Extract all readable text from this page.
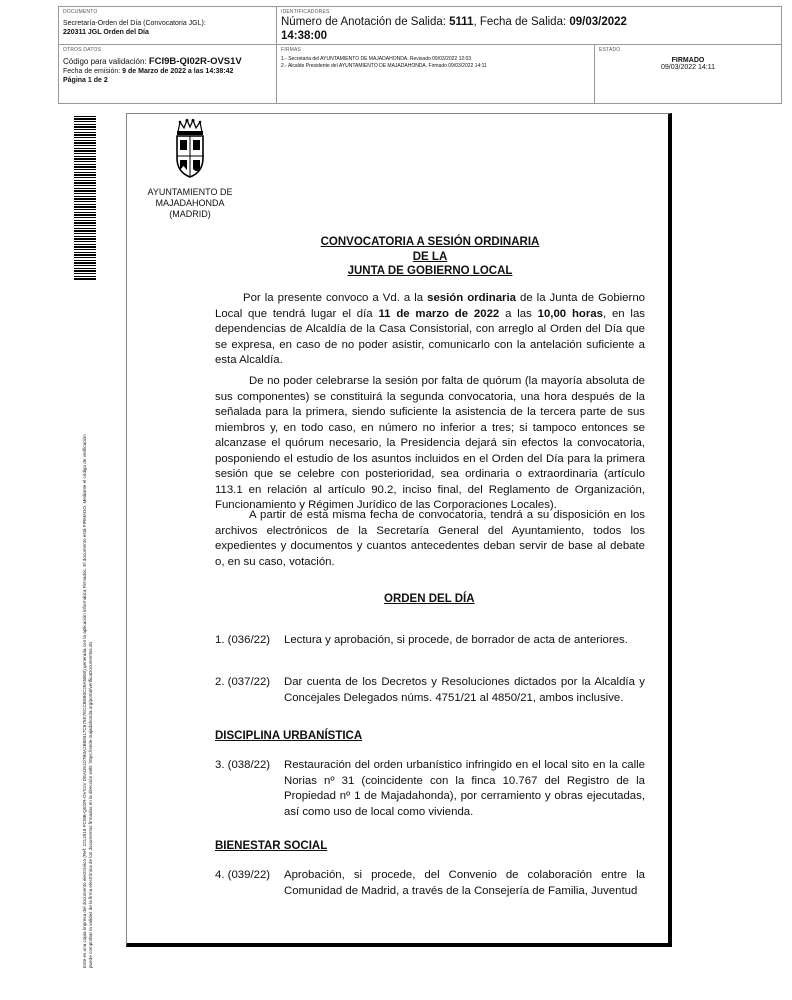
DOCUMENTO
Secretaría-Orden del Día (Convocatoria JGL):
220311 JGL Orden del Día
IDENTIFICADORES
Número de Anotación de Salida: 5111, Fecha de Salida: 09/03/2022
14:38:00
OTROS DATOS
Código para validación: FCI9B-QI02R-OVS1V
Fecha de emisión: 9 de Marzo de 2022 a las 14:38:42
Página 1 de 2
FIRMAS
1.- Secretaria del AYUNTAMIENTO DE MAJADAHONDA. Revisado 09/03/2022 12:03
2.- Alcalde Presidente del AYUNTAMIENTO DE MAJADAHONDA. Firmado 09/03/2022 14:11
ESTADO
FIRMADO
09/03/2022 14:11
Este es una copia impresa del documento electrónico (Ref: 2212918 FCI9B-QI02R-OVS1V DEAD51D7B0A2B89317C675E7ECC8EB0C28A5B50) generada con la aplicación informática Firmadoc. El documento está FIRMADO. Mediante el código de verificación puede comprobar la validez de la firma electrónica de los documentos firmados en la dirección web: https://sede.majadahonda.org/portal/verificaDocumentos.do
AYUNTAMIENTO DE
MAJADAHONDA
(MADRID)
CONVOCATORIA A SESIÓN ORDINARIA
DE LA
JUNTA DE GOBIERNO LOCAL
Por la presente convoco a Vd. a la sesión ordinaria de la Junta de Gobierno Local que tendrá lugar el día 11 de marzo de 2022 a las 10,00 horas, en las dependencias de Alcaldía de la Casa Consistorial, con arreglo al Orden del Día que se expresa, en caso de no poder asistir, comunicarlo con la antelación suficiente a esta Alcaldía.
De no poder celebrarse la sesión por falta de quórum (la mayoría absoluta de sus componentes) se constituirá la segunda convocatoria, una hora después de la señalada para la primera, siendo suficiente la asistencia de la tercera parte de sus miembros y, en todo caso, en número no inferior a tres; si tampoco entonces se alcanzase el quórum necesario, la Presidencia dejará sin efectos la convocatoria, posponiendo el estudio de los asuntos incluidos en el Orden del Día para la primera sesión que se celebre con posterioridad, sea ordinaria o extraordinaria (artículo 113.1 en relación al artículo 90.2, inciso final, del Reglamento de Organización, Funcionamiento y Régimen Jurídico de las Corporaciones Locales).
A partir de esta misma fecha de convocatoria, tendrá a su disposición en los archivos electrónicos de la Secretaría General del Ayuntamiento, todos los expedientes y documentos y cuantos antecedentes deban servir de base al debate o, en su caso, votación.
ORDEN DEL DÍA
1. (036/22) Lectura y aprobación, si procede, de borrador de acta de anteriores.
2. (037/22) Dar cuenta de los Decretos y Resoluciones dictados por la Alcaldía y Concejales Delegados núms. 4751/21 al 4850/21, ambos inclusive.
DISCIPLINA URBANÍSTICA
3. (038/22) Restauración del orden urbanístico infringido en el local sito en la calle Norias nº 31 (coincidente con la finca 10.767 del Registro de la Propiedad nº 1 de Majadahonda), por cerramiento y obras ejecutadas, así como uso de local como vivienda.
BIENESTAR SOCIAL
4. (039/22) Aprobación, si procede, del Convenio de colaboración entre la Comunidad de Madrid, a través de la Consejería de Familia, Juventud
